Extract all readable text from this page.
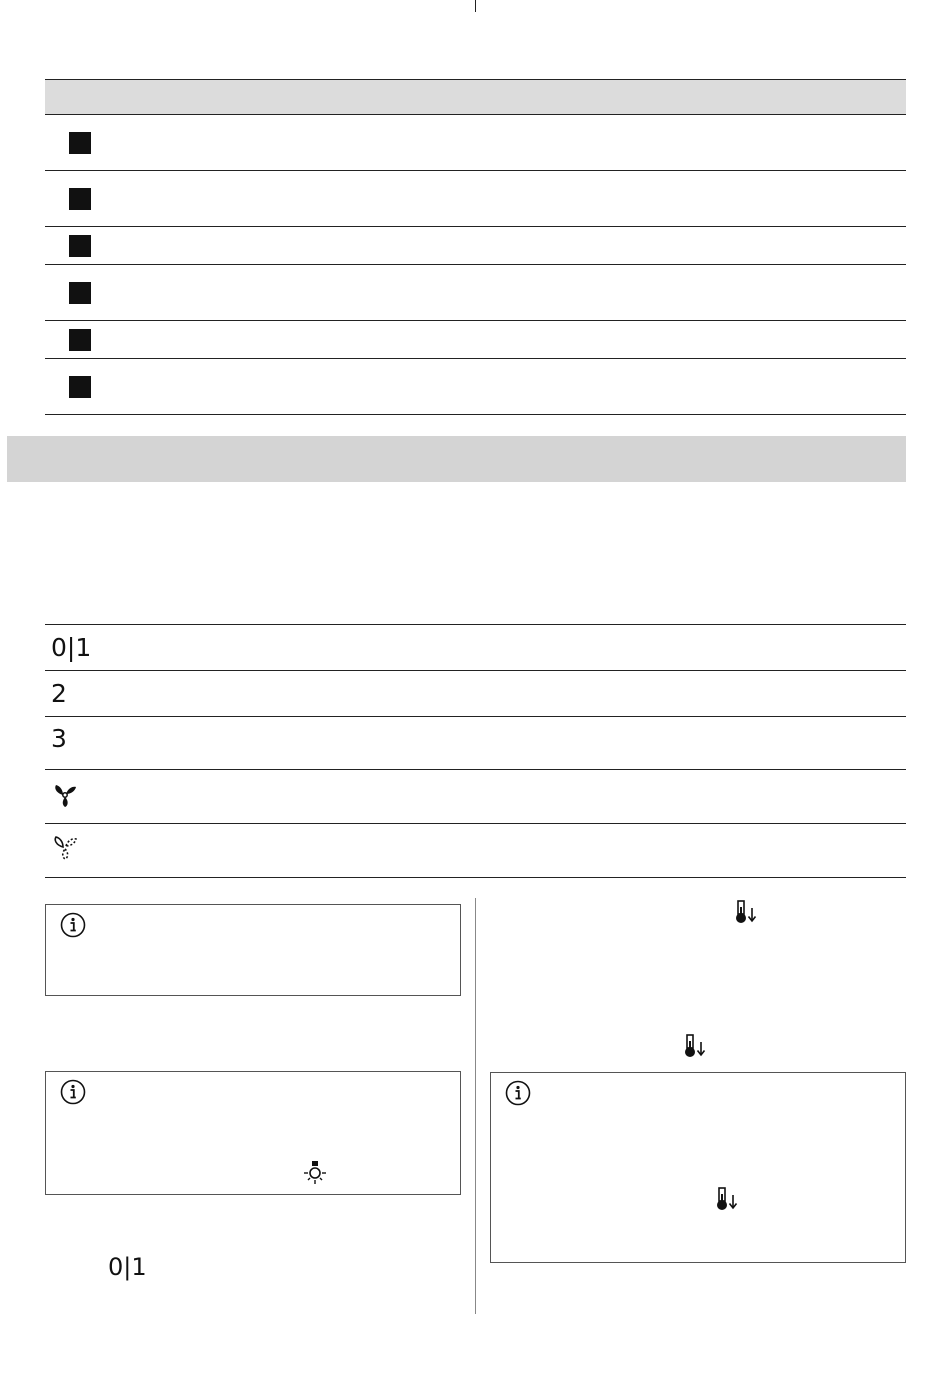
0|1
2
3
0|1
